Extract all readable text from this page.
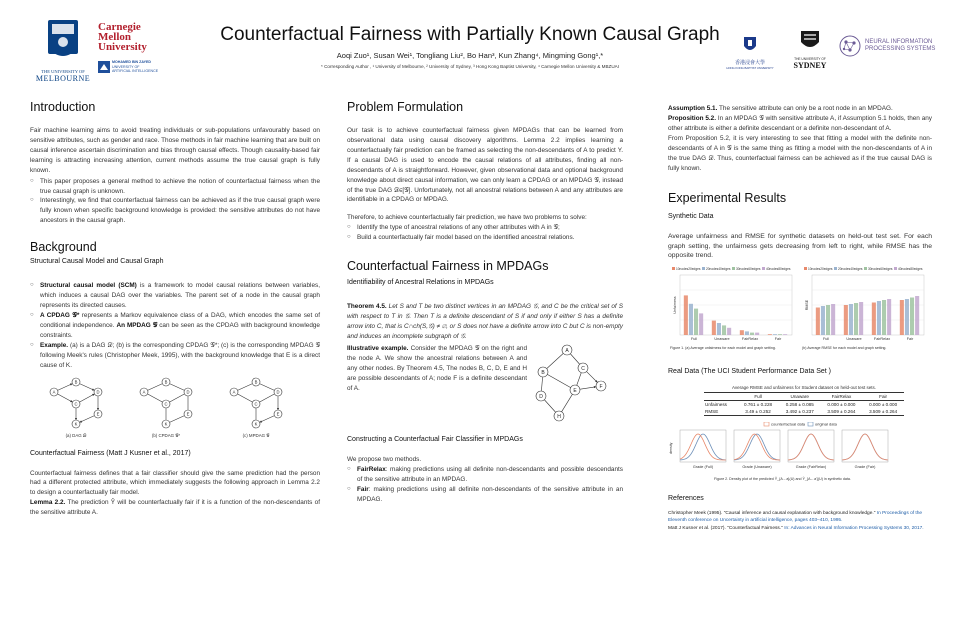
THE UNIVERSITY OF
MELBOURNE
Carnegie
Mellon
University
MOHAMED BIN ZAYED
UNIVERSITY OF
ARTIFICIAL INTELLIGENCE
Counterfactual Fairness with Partially Known Causal Graph
Aoqi Zuo¹, Susan Wei¹, Tongliang Liu², Bo Han³, Kun Zhang⁴, Mingming Gong¹,*
* Corresponding Author , ¹ University of Melbourne, ² University of Sydney, ³ Hong Kong Baptist University, ⁴ Carnegie Mellon University & MBZUAI
香港浸會大學
HONG KONG BAPTIST UNIVERSITY
THE UNIVERSITY OF
SYDNEY
NEURAL INFORMATION
PROCESSING SYSTEMS
Introduction

Fair machine learning aims to avoid treating individuals or sub-populations unfavourably based on sensitive attributes, such as gender and race. Those methods in fair machine learning that are built on causal inference ascertain discrimination and bias through causal effects. Though causality-based fair learning is attracting increasing attention, current methods assume the true causal graph is fully known.

○ This paper proposes a general method to achieve the notion of counterfactual fairness when the true causal graph is unknown.
○ Interestingly, we find that counterfactual fairness can be achieved as if the true causal graph were fully known when specific background knowledge is provided: the sensitive attributes do not have ancestors in the causal graph.
Background
Structural Causal Model and Causal Graph
○ Structural causal model (SCM) is a framework to model causal relations between variables, which induces a causal DAG over the variables. The parent set of a node in the causal graph represents its directed causes.
○ A CPDAG 𝒢* represents a Markov equivalence class of a DAG, which encodes the same set of conditional independence. An MPDAG 𝒢 can be seen as the CPDAG with background knowledge constraints.
○ Example. (a) is a DAG 𝒟; (b) is the corresponding CPDAG 𝒢*; (c) is the corresponding MPDAG 𝒢 following Meek's rules (Christopher Meek, 1995), with the background knowledge that E is a direct cause of K.
A
B
C
D
E
K
(a) DAG 𝒟
A
B
C
D
E
K
(b) CPDAG 𝒢*
A
B
C
D
E
K
(c) MPDAG 𝒢
Counterfactual Fairness (Matt J Kusner et al., 2017)

Counterfactual fairness defines that a fair classifier should give the same prediction had the person had a different protected attribute, which immediately suggests the following approach in Lemma 2.2 to design a counterfactually fair model.

Lemma 2.2. The prediction Ŷ will be counterfactually fair if it is a function of the non-descendants of the sensitive attribute A.

Problem Formulation

Our task is to achieve counterfactual fairness given MPDAGs that can be learned from observational data using causal discovery algorithms. Lemma 2.2 implies learning a counterfactually fair prediction can be framed as selecting the non-descendants of A to predict Y. If a causal DAG is used to encode the causal relations of all attributes, finding all non-descendants of A is straightforward. However, given observational data and optional background knowledge about direct causal information, we can only learn a CPDAG or an MPDAG 𝒢, instead of the true DAG 𝒟∈[𝒢]. Unfortunately, not all ancestral relations between A and any attributes are identifiable in a CPDAG or MPDAG.

Therefore, to achieve counterfactually fair prediction, we have two problems to solve:

○ Identify the type of ancestral relations of any other attributes with A in 𝒢;
○ Build a counterfactually fair model based on the identified ancestral relations.
Counterfactual Fairness in MPDAGs
Identifiability of Ancestral Relations in MPDAGs

Theorem 4.5. Let S and T be two distinct vertices in an MPDAG 𝒢, and C be the critical set of S with respect to T in 𝒢. Then T is a definite descendant of S if and only if either S has a definite arrow into C, that is C∩ch(S,𝒢) ≠ ∅, or S does not have a definite arrow into C but C is non-empty and induces an incomplete subgraph of 𝒢.

Illustrative example. Consider the MPDAG 𝒢 on the right and the node A. We show the ancestral relations between A and any other nodes. By Theorem 4.5, The nodes B, C, D, E and H are possible descendants of A; node F is a definite descendant of A.

A
B
C
D
E
F
H
Constructing a Counterfactual Fair Classifier in MPDAGs

We propose two methods.

○ FairRelax: making predictions using all definite non-descendants and possible descendants of the sensitive attribute in an MPDAG.
○ Fair: making predictions using all definite non-descendants of the sensitive attribute in an MPDAG.

Assumption 5.1. The sensitive attribute can only be a root node in an MPDAG.

Proposition 5.2. In an MPDAG 𝒢 with sensitive attribute A, if Assumption 5.1 holds, then any other attribute is either a definite descendant or a definite non-descendant of A.

From Proposition 5.2, it is very interesting to see that fitting a model with the definite non-descendants of A in 𝒢 is the same thing as fitting a model with the non-descendants of A in the true DAG 𝒟. Thus, counterfactual fairness can be achieved as if the true causal DAG is fully known.

Experimental Results
Synthetic Data

Average unfairness and RMSE for synthetic datasets on held-out test set. For each graph setting, the unfairness gets decreasing from left to right, while RMSE has the opposite trend.

10nodes20edges 20nodes40edges 30nodes60edges 40nodes80edges	10nodes20edges 20nodes40edges 30nodes60edges 40nodes80edges
Unfairness
Full	Unaware	FairRelax	Fair
RMSE
Full	Unaware	FairRelax	Fair
Figure 1. (a) Average unfairness for each model and graph setting.	(b) Average RMSE for each model and graph setting.
Real Data (The UCI Student Performance Data Set )
Average RMSE and unfairness for Student dataset on held-out test sets.
	Full	Unaware	FairRelax	Fair
Unfairness	0.761 ± 0.228	0.258 ± 0.085	0.000 ± 0.000	0.000 ± 0.000
RMSE	3.49 ± 0.252	3.492 ± 0.237	3.509 ± 0.264	3.509 ± 0.264
counterfactual data original data
density
Grade (Full)	Grade (Unaware)	Grade (FairRelax)	Grade (Fair)
Figure 2. Density plot of the predicted Ŷ_{A←a}(U) and Ŷ_{A←a'}(U) in synthetic data.
References
Christopher Meek (1995). "Causal inference and causal explanation with background knowledge." In Proceedings of the Eleventh conference on Uncertainty in artificial intelligence, pages 403–410, 1995.
Matt J Kusner et al. (2017). "Counterfactual Fairness." In: Advances in Neural Information Processing Systems 30, 2017.
